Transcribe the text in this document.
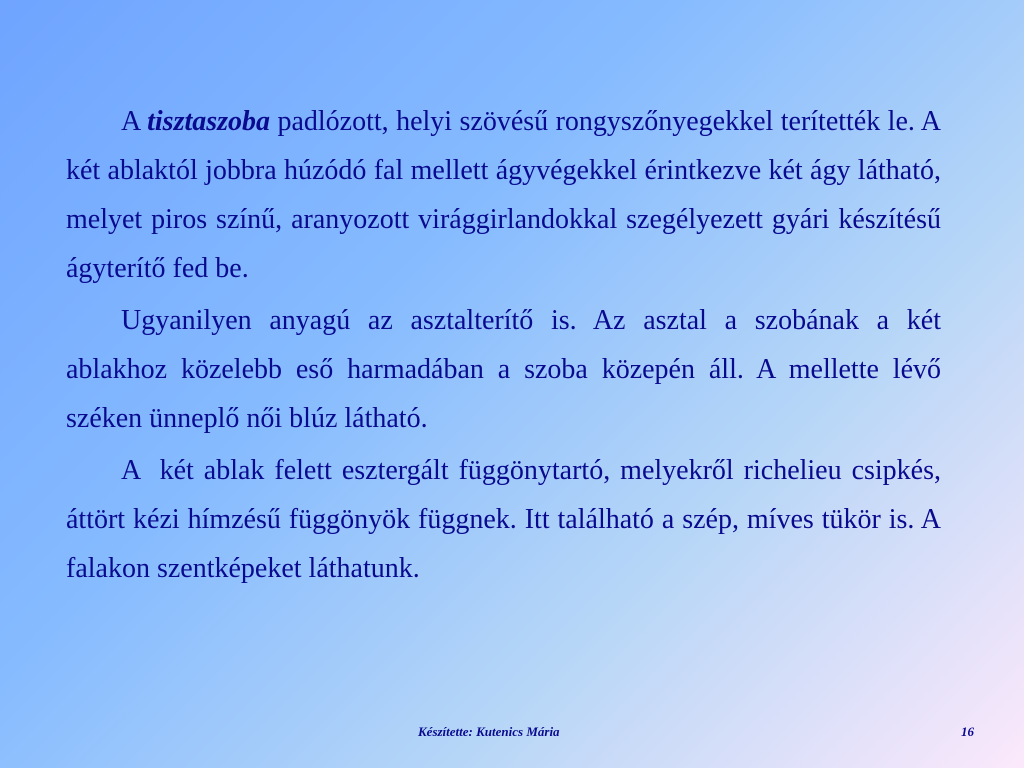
A tisztaszoba padlózott, helyi szövésű rongyszőnyegekkel terítették le. A két ablaktól jobbra húzódó fal mellett ágyvégekkel érintkezve két ágy látható, melyet piros színű, aranyozott virággirlandokkal szegélyezett gyári készítésű ágyterítő fed be.

Ugyanilyen anyagú az asztalterítő is. Az asztal a szobának a két ablakhoz közelebb eső harmadában a szoba közepén áll. A mellette lévő széken ünneplő női blúz látható.

A  két ablak felett esztergált függönytartó, melyekről richelieu csipkés, áttört kézi hímzésű függönyök függnek. Itt található a szép, míves tükör is. A falakon szentképeket láthatunk.

Készítette: Kutenics Mária	16
